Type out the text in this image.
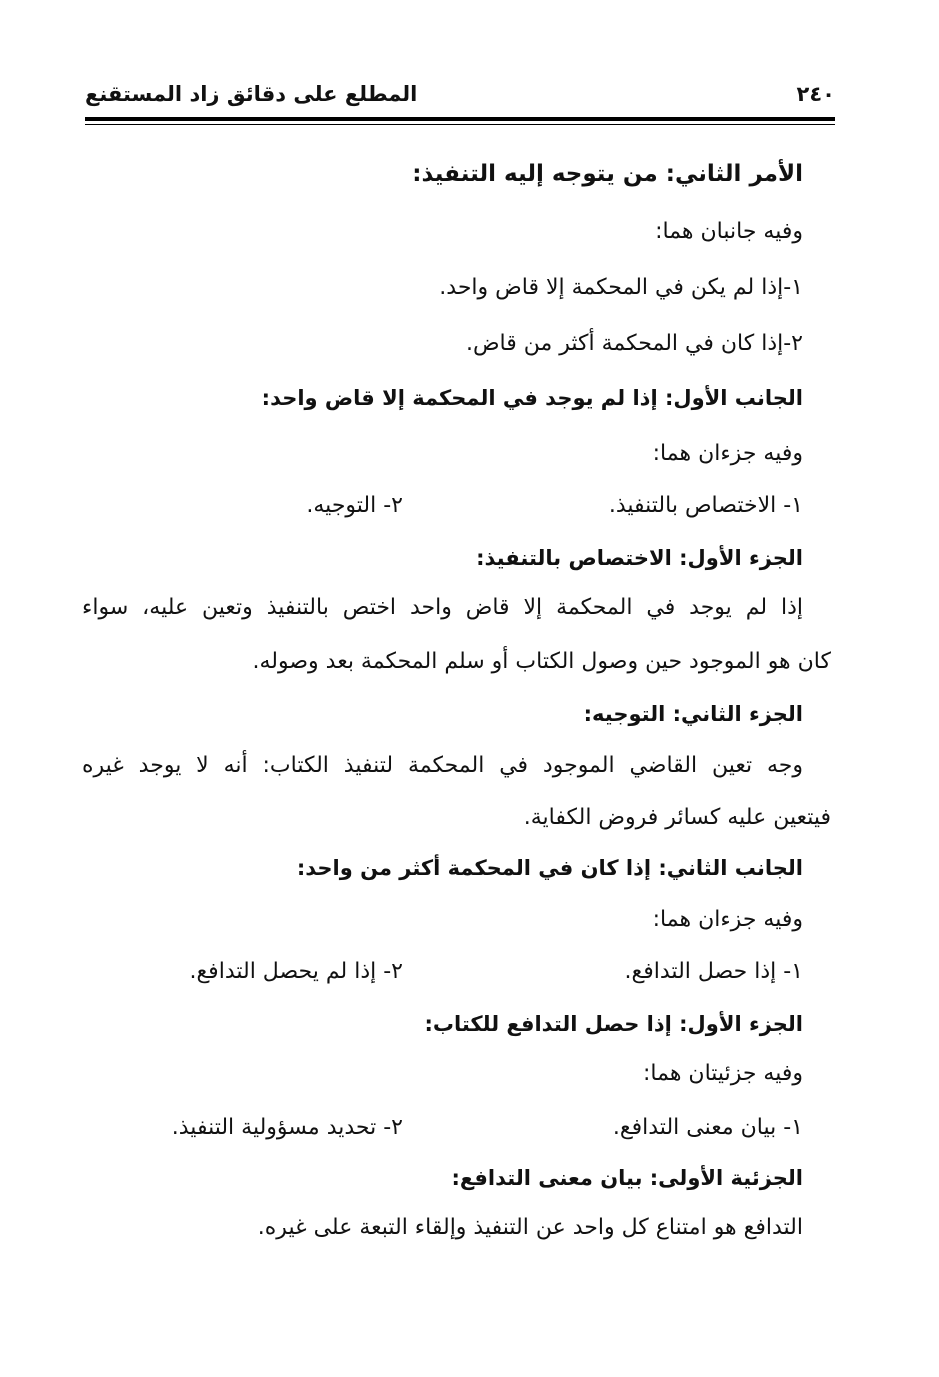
٢٤٠
المطلع على دقائق زاد المستقنع
الأمر الثاني: من يتوجه إليه التنفيذ:
وفيه جانبان هما:
١-إذا لم يكن في المحكمة إلا قاض واحد.
٢-إذا كان في المحكمة أكثر من قاض.
الجانب الأول: إذا لم يوجد في المحكمة إلا قاض واحد:
وفيه جزءان هما:
١- الاختصاص بالتنفيذ.
٢- التوجيه.
الجزء الأول: الاختصاص بالتنفيذ:
إذا لم يوجد في المحكمة إلا قاض واحد اختص بالتنفيذ وتعين عليه، سواء
كان هو الموجود حين وصول الكتاب أو سلم المحكمة بعد وصوله.
الجزء الثاني: التوجيه:
وجه تعين القاضي الموجود في المحكمة لتنفيذ الكتاب: أنه لا يوجد غيره
فيتعين عليه كسائر فروض الكفاية.
الجانب الثاني: إذا كان في المحكمة أكثر من واحد:
وفيه جزءان هما:
١- إذا حصل التدافع.
٢- إذا لم يحصل التدافع.
الجزء الأول: إذا حصل التدافع للكتاب:
وفيه جزئيتان هما:
١- بيان معنى التدافع.
٢- تحديد مسؤولية التنفيذ.
الجزئية الأولى: بيان معنى التدافع:
التدافع هو امتناع كل واحد عن التنفيذ وإلقاء التبعة على غيره.
